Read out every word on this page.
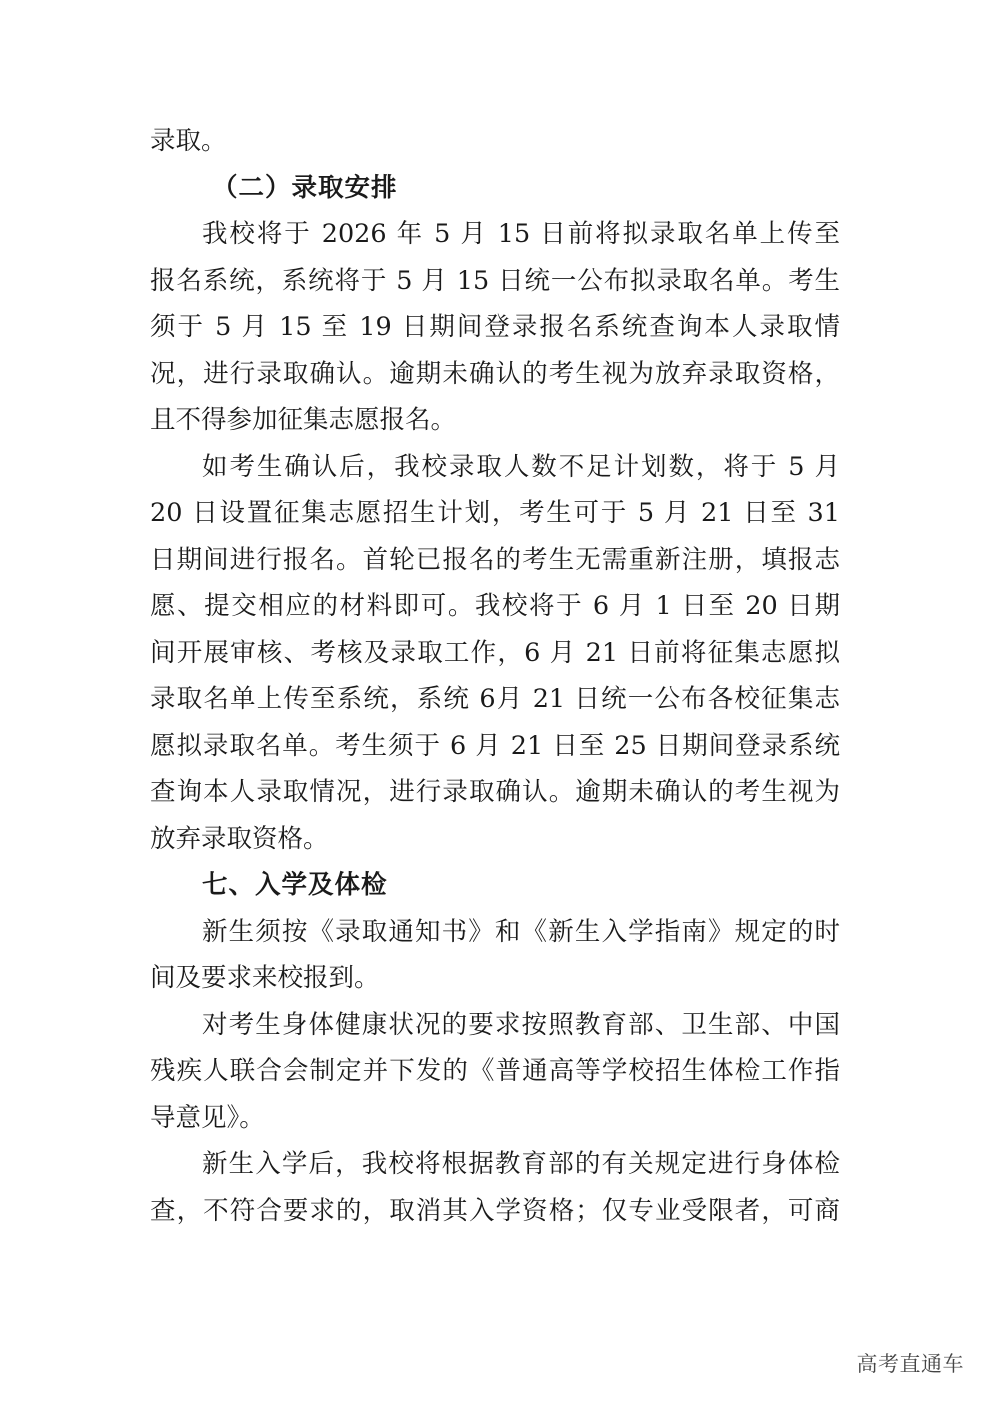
录取。
（二）录取安排
我校将于 2026 年 5 月 15 日前将拟录取名单上传至
报名系统，系统将于 5 月 15 日统一公布拟录取名单。考生
须于 5 月 15 至 19 日期间登录报名系统查询本人录取情
况，进行录取确认。逾期未确认的考生视为放弃录取资格，
且不得参加征集志愿报名。
如考生确认后，我校录取人数不足计划数，将于 5 月
20 日设置征集志愿招生计划，考生可于 5 月 21 日至 31
日期间进行报名。首轮已报名的考生无需重新注册，填报志
愿、提交相应的材料即可。我校将于 6 月 1 日至 20 日期
间开展审核、考核及录取工作，6 月 21 日前将征集志愿拟
录取名单上传至系统，系统 6月 21 日统一公布各校征集志
愿拟录取名单。考生须于 6 月 21 日至 25 日期间登录系统
查询本人录取情况，进行录取确认。逾期未确认的考生视为
放弃录取资格。
七、入学及体检
新生须按《录取通知书》和《新生入学指南》规定的时
间及要求来校报到。
对考生身体健康状况的要求按照教育部、卫生部、中国
残疾人联合会制定并下发的《普通高等学校招生体检工作指
导意见》。
新生入学后，我校将根据教育部的有关规定进行身体检
查，不符合要求的，取消其入学资格；仅专业受限者，可商
高考直通车
